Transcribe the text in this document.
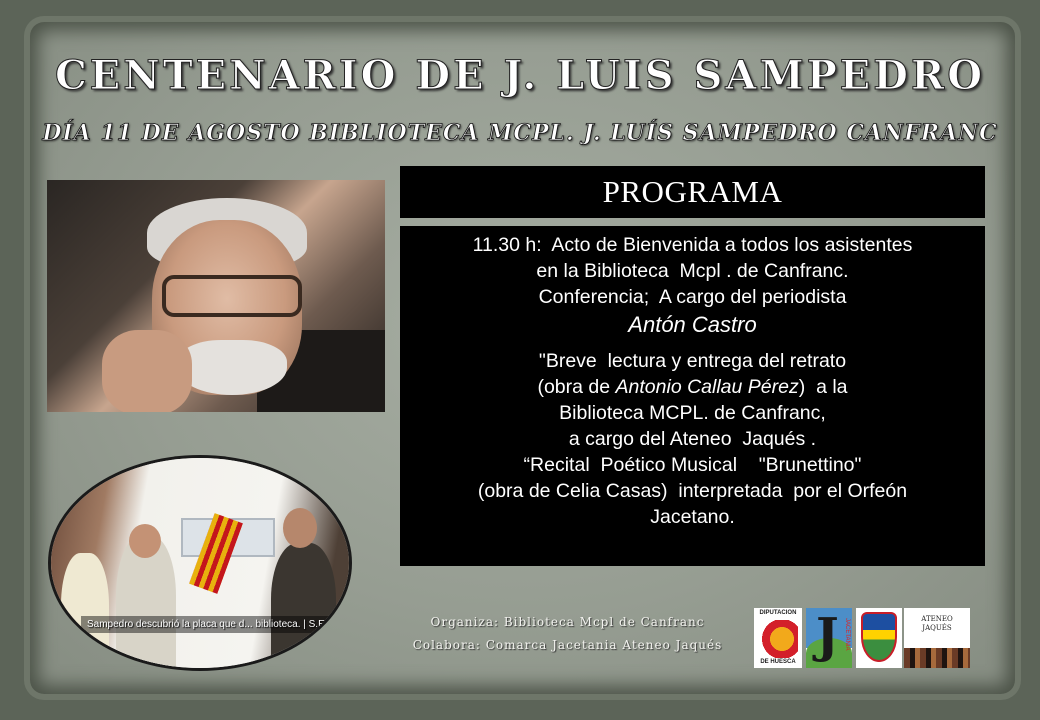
CENTENARIO DE J. LUIS SAMPEDRO
DÍA 11 DE AGOSTO BIBLIOTECA MCPL. J. LUÍS SAMPEDRO CANFRANC
Sampedro descubrió la placa que d... biblioteca. | S.E.
PROGRAMA
11.30 h:  Acto de Bienvenida a todos los asistentes
en la Biblioteca  Mcpl . de Canfranc.
Conferencia;  A cargo del periodista
Antón Castro
"Breve  lectura y entrega del retrato
(obra de Antonio Callau Pérez)  a la
Biblioteca MCPL. de Canfranc,
a cargo del Ateneo  Jaqués .
“Recital  Poético Musical    "Brunettino"
(obra de Celia Casas)  interpretada  por el Orfeón
Jacetano.
Organiza: Biblioteca Mcpl de Canfranc
Colabora: Comarca Jacetania Ateneo Jaqués
DIPUTACION
DE HUESCA J JACETANIA	ATENEO
JAQUÉS
